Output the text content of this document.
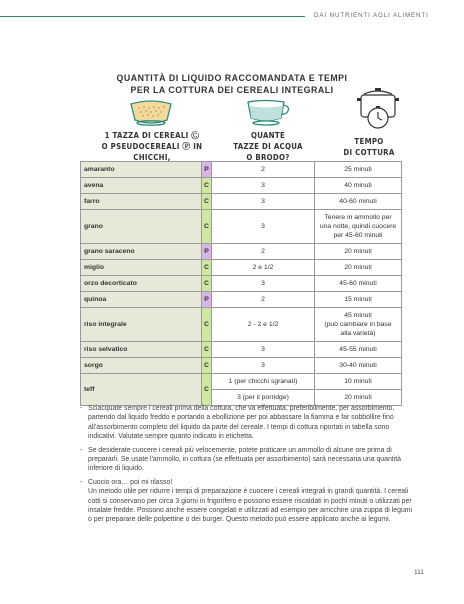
DAI NUTRIENTI AGLI ALIMENTI
QUANTITÀ DI LIQUIDO RACCOMANDATA E TEMPI
PER LA COTTURA DEI CEREALI INTEGRALI
1 TAZZA DI CEREALI Ⓒ
O PSEUDOCEREALI Ⓟ IN CHICCHI,
QUANTE
TAZZE DI ACQUA
O BRODO?
TEMPO
DI COTTURA
amaranto	P	2	25 minuti
avena	C	3	40 minuti
farro	C	3	40-60 minuti
grano	C	3	Tenere in ammollo per
una notte, quindi cuocere
per 45-60 minuti

grano saraceno	P	2	20 minuti
miglio	C	2 e 1/2	20 minuti
orzo decorticato	C	3	45-60 minuti
quinoa	P	2	15 minuti
riso integrale	C	2 - 2 e 1/2	45 minuti
(può cambiare in base
alla varietà)

riso selvatico	C	3	45-55 minuti
sorgo	C	3	30-40 minuti
teff	C	1 (per chicchi sgranati)	10 minuti
		3 (per il porridge)	20 minuti
- Sciacquate sempre i cereali prima della cottura, che va effettuata, preferibilmente, per assorbimento, partendo dal liquido freddo e portando a ebollizione per poi abbassare la fiamma e far sobbollire fino all'assorbimento completo del liquido da parte del cereale. I tempi di cottura riportati in tabella sono indicativi. Valutate sempre quanto indicato in etichetta.
- Se desiderate cuocere i cereali più velocemente, potete praticare un ammollo di alcune ore prima di prepararli. Se usate l'ammollo, in cottura (se effettuata per assorbimento) sarà necessaria una quantità inferiore di liquido.
- Cuocio ora… poi mi rilasso!
Un metodo utile per ridurre i tempi di preparazione è cuocere i cereali integrali in grandi quantità. I cereali cotti si conservano per circa 3 giorni in frigorifero e possono essere riscaldati in pochi minuti o utilizzati per insalate fredde. Possono anche essere congelati e utilizzati ad esempio per arricchire una zuppa di legumi o per preparare delle polpettine o dei burger. Questo metodo può essere applicato anche ai legumi.
111
